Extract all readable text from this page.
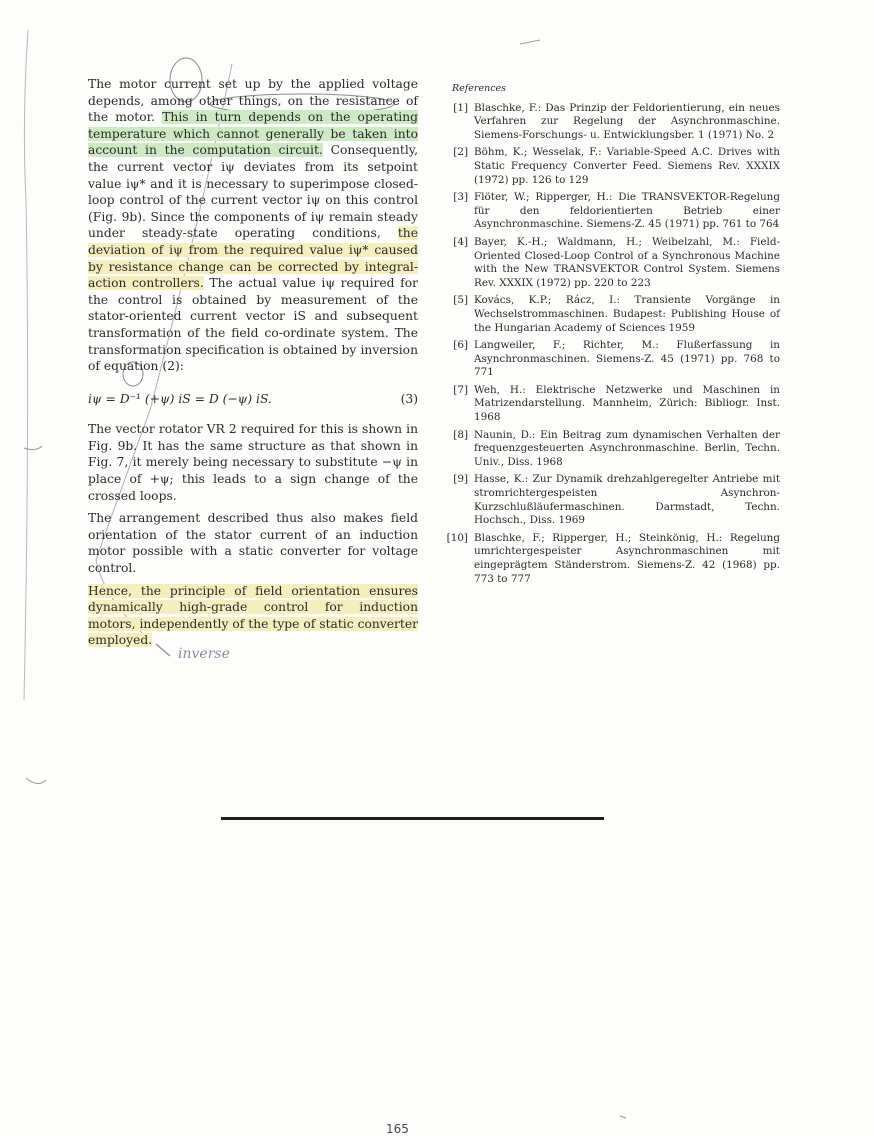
The motor current set up by the applied voltage depends, among other things, on the resistance of the motor. This in turn depends on the operating temperature which cannot generally be taken into account in the computation circuit. Consequently, the current vector iψ deviates from its setpoint value iψ* and it is necessary to superimpose closed-loop control of the current vector iψ on this control (Fig. 9b). Since the components of iψ remain steady under steady-state operating conditions, the deviation of iψ from the required value iψ* caused by resistance change can be corrected by integral-action controllers. The actual value iψ required for the control is obtained by measurement of the stator-oriented current vector iS and subsequent transformation of the field co-ordinate system. The transformation specification is obtained by inversion of equation (2):

iψ = D⁻¹ (+ψ) iS = D (−ψ) iS.	(3)

The vector rotator VR 2 required for this is shown in Fig. 9b. It has the same structure as that shown in Fig. 7, it merely being necessary to substitute −ψ in place of +ψ; this leads to a sign change of the crossed loops.

The arrangement described thus also makes field orientation of the stator current of an induction motor possible with a static converter for voltage control.

Hence, the principle of field orientation ensures dynamically high-grade control for induction motors, independently of the type of static converter employed.

References
[1] Blaschke, F.: Das Prinzip der Feldorientierung, ein neues Verfahren zur Regelung der Asynchronmaschine. Siemens-Forschungs- u. Entwicklungsber. 1 (1971) No. 2
[2] Böhm, K.; Wesselak, F.: Variable-Speed A.C. Drives with Static Frequency Converter Feed. Siemens Rev. XXXIX (1972) pp. 126 to 129
[3] Flöter, W.; Ripperger, H.: Die TRANSVEKTOR-Regelung für den feldorientierten Betrieb einer Asynchronmaschine. Siemens-Z. 45 (1971) pp. 761 to 764
[4] Bayer, K.-H.; Waldmann, H.; Weibelzahl, M.: Field-Oriented Closed-Loop Control of a Synchronous Machine with the New TRANSVEKTOR Control System. Siemens Rev. XXXIX (1972) pp. 220 to 223
[5] Kovács, K.P.; Rácz, I.: Transiente Vorgänge in Wechselstrommaschinen. Budapest: Publishing House of the Hungarian Academy of Sciences 1959
[6] Langweiler, F.; Richter, M.: Flußerfassung in Asynchronmaschinen. Siemens-Z. 45 (1971) pp. 768 to 771
[7] Weh, H.: Elektrische Netzwerke und Maschinen in Matrizendarstellung. Mannheim, Zürich: Bibliogr. Inst. 1968
[8] Naunin, D.: Ein Beitrag zum dynamischen Verhalten der frequenzgesteuerten Asynchronmaschine. Berlin, Techn. Univ., Diss. 1968
[9] Hasse, K.: Zur Dynamik drehzahlgeregelter Antriebe mit stromrichtergespeisten Asynchron-Kurzschlußläufermaschinen. Darmstadt, Techn. Hochsch., Diss. 1969
[10] Blaschke, F.; Ripperger, H.; Steinkönig, H.: Regelung umrichtergespeister Asynchronmaschinen mit eingeprägtem Ständerstrom. Siemens-Z. 42 (1968) pp. 773 to 777
inverse
165
